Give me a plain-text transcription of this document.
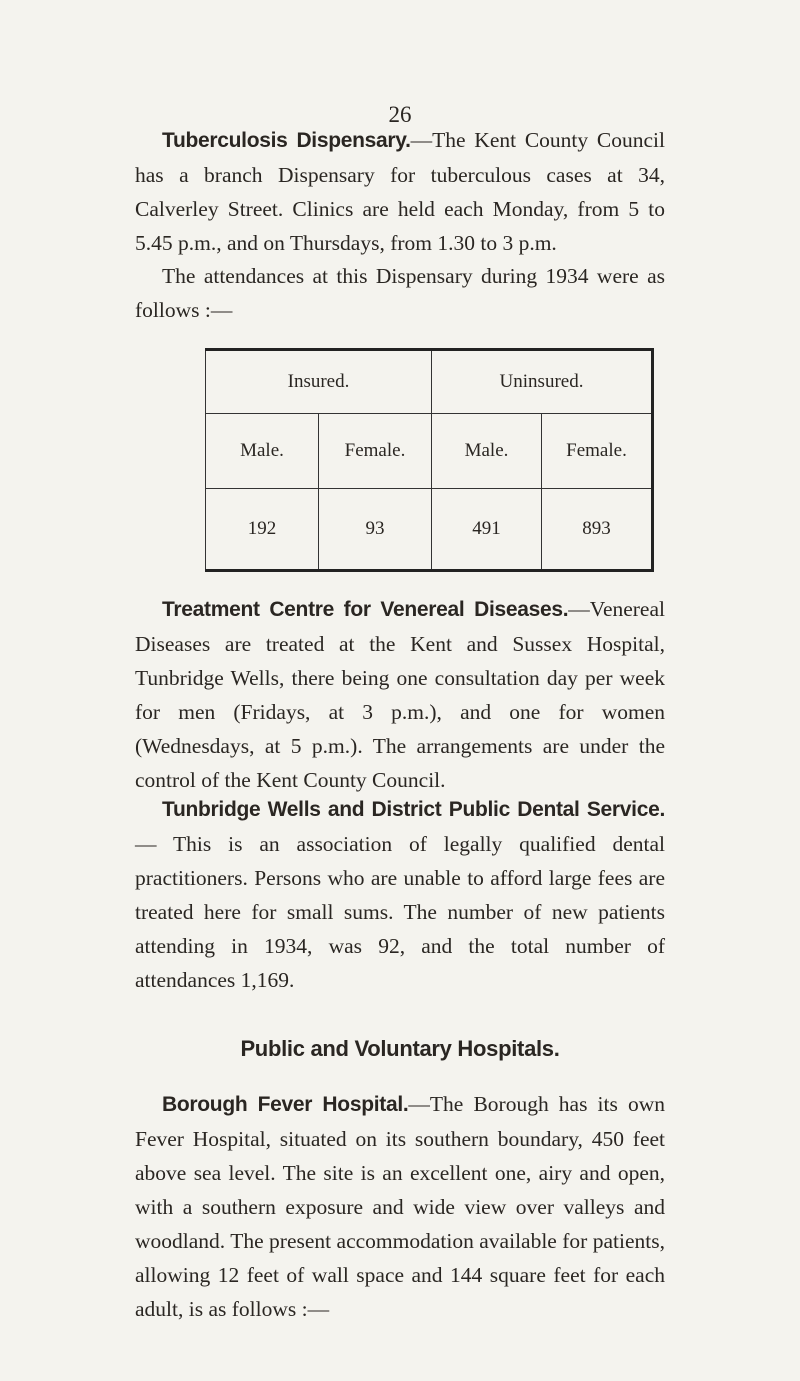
26

Tuberculosis Dispensary.—The Kent County Council has a branch Dispensary for tuberculous cases at 34, Calverley Street. Clinics are held each Monday, from 5 to 5.45 p.m., and on Thursdays, from 1.30 to 3 p.m.

The attendances at this Dispensary during 1934 were as follows :—

Insured.		Uninsured.	
Male.	Female.	Male.	Female.
192	93	491	893

Treatment Centre for Venereal Diseases.—Venereal Diseases are treated at the Kent and Sussex Hospital, Tunbridge Wells, there being one consultation day per week for men (Fridays, at 3 p.m.), and one for women (Wednesdays, at 5 p.m.). The arrangements are under the control of the Kent County Council.

Tunbridge Wells and District Public Dental Service.— This is an association of legally qualified dental practitioners. Persons who are unable to afford large fees are treated here for small sums. The number of new patients attending in 1934, was 92, and the total number of attendances 1,169.

Public and Voluntary Hospitals.

Borough Fever Hospital.—The Borough has its own Fever Hospital, situated on its southern boundary, 450 feet above sea level. The site is an excellent one, airy and open, with a southern exposure and wide view over valleys and woodland. The present accommodation available for patients, allowing 12 feet of wall space and 144 square feet for each adult, is as follows :—
